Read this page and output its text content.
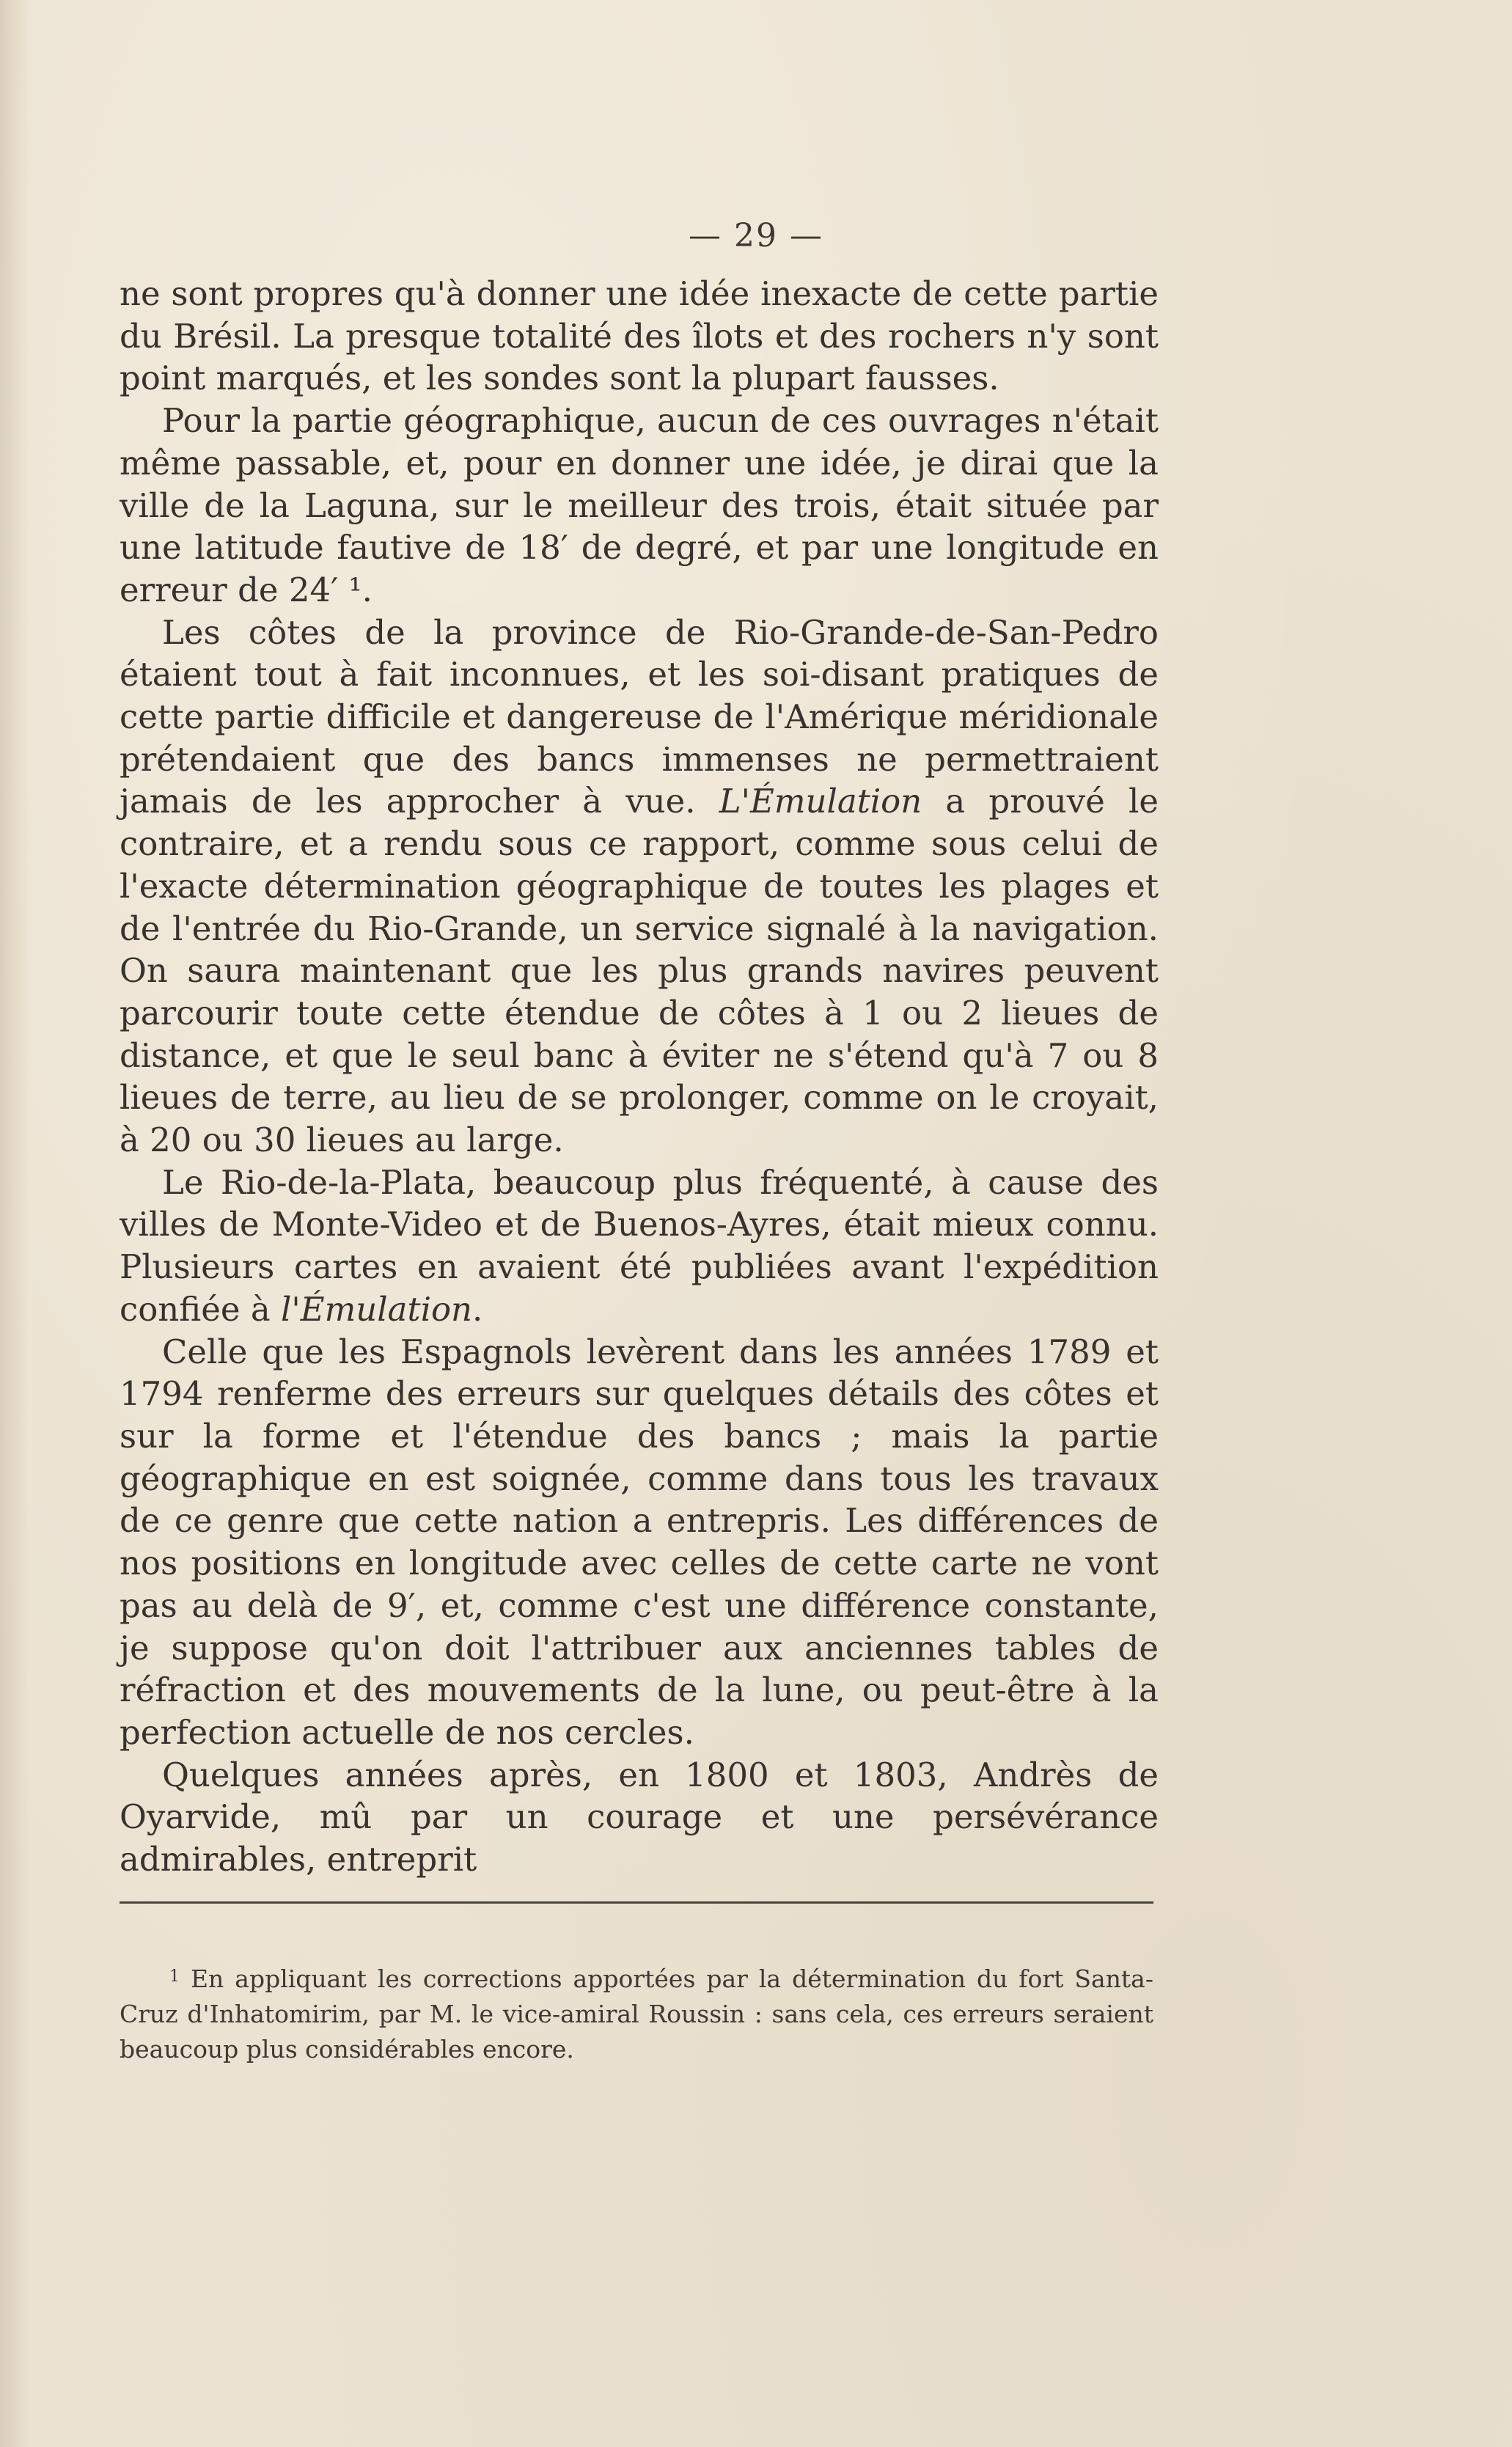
— 29 —

ne sont propres qu'à donner une idée inexacte de cette partie du Brésil. La presque totalité des îlots et des rochers n'y sont point marqués, et les sondes sont la plupart fausses.

Pour la partie géographique, aucun de ces ouvrages n'était même passable, et, pour en donner une idée, je dirai que la ville de la Laguna, sur le meilleur des trois, était située par une latitude fautive de 18′ de degré, et par une longitude en erreur de 24′ ¹.

Les côtes de la province de Rio-Grande-de-San-Pedro étaient tout à fait inconnues, et les soi-disant pratiques de cette partie difficile et dangereuse de l'Amérique méridionale prétendaient que des bancs immenses ne permettraient jamais de les approcher à vue. L'Émulation a prouvé le contraire, et a rendu sous ce rapport, comme sous celui de l'exacte détermination géographique de toutes les plages et de l'entrée du Rio-Grande, un service signalé à la navigation. On saura maintenant que les plus grands navires peuvent parcourir toute cette étendue de côtes à 1 ou 2 lieues de distance, et que le seul banc à éviter ne s'étend qu'à 7 ou 8 lieues de terre, au lieu de se prolonger, comme on le croyait, à 20 ou 30 lieues au large.

Le Rio-de-la-Plata, beaucoup plus fréquenté, à cause des villes de Monte-Video et de Buenos-Ayres, était mieux connu. Plusieurs cartes en avaient été publiées avant l'expédition confiée à l'Émulation.

Celle que les Espagnols levèrent dans les années 1789 et 1794 renferme des erreurs sur quelques détails des côtes et sur la forme et l'étendue des bancs ; mais la partie géographique en est soignée, comme dans tous les travaux de ce genre que cette nation a entrepris. Les différences de nos positions en longitude avec celles de cette carte ne vont pas au delà de 9′, et, comme c'est une différence constante, je suppose qu'on doit l'attribuer aux anciennes tables de réfraction et des mouvements de la lune, ou peut-être à la perfection actuelle de nos cercles.

Quelques années après, en 1800 et 1803, Andrès de Oyarvide, mû par un courage et une persévérance admirables, entreprit

$^1$ En appliquant les corrections apportées par la détermination du fort Santa-Cruz d'Inhatomirim, par M. le vice-amiral Roussin : sans cela, ces erreurs seraient beaucoup plus considérables encore.
